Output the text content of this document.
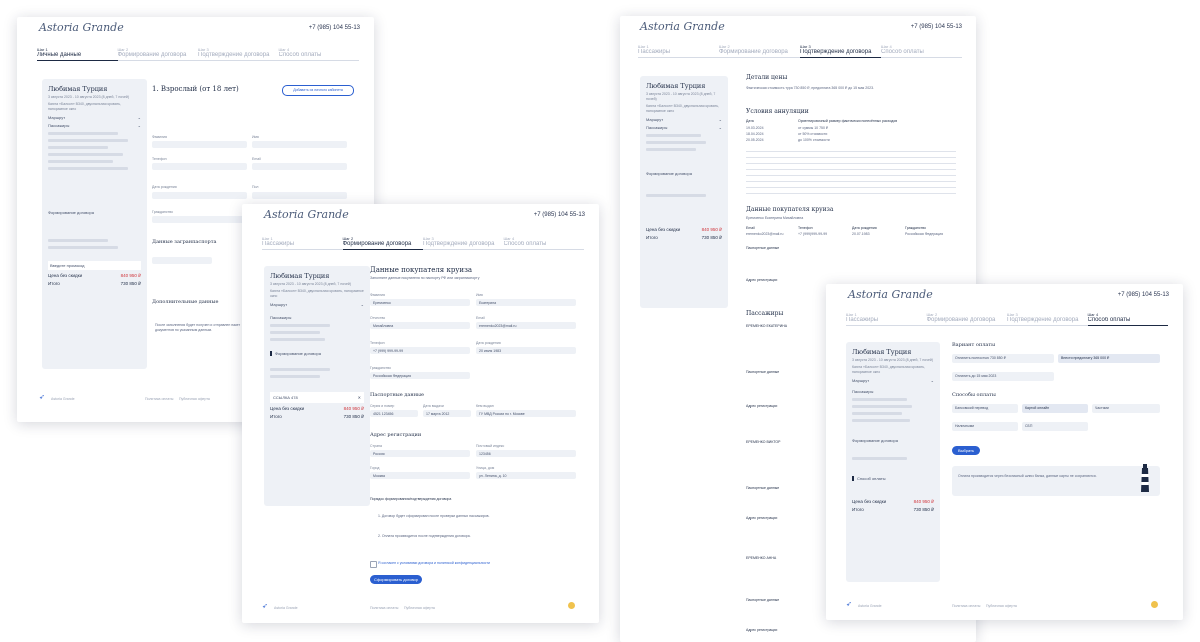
Astoria Grande	+7 (985) 104 55-13
Шаг 1
Личные данные
Шаг 2
Формирование договора
Шаг 3
Подтверждение договора
Шаг 4
Способ оплаты
Любимая Турция
3 августа 2023 - 10 августа 2023 (8 дней, 7 ночей)
Каюта «Балкон» В340, двуспальная кровать, панорамное окно
Маршрут	⌄
Пассажиры	⌄
Формирование договора
Введите промокод
Цена без скидки	840 950 ₽
Итого	730 850 ₽
1. Взрослый (от 18 лет)	Добавить из личного кабинета
Фамилия	Имя
Телефон	Email
Дата рождения	Пол
Гражданство
Данные загранпаспорта
Дополнительные данные
После заполнения будет получен и отправлен пакет документов по указанным данным.
➶ Astoria Grande	Политика оплаты Публичная оферта
Astoria Grande	+7 (985) 104 55-13
Шаг 1
Пассажиры
Шаг 2
Формирование договора
Шаг 3
Подтверждение договора
Шаг 4
Способ оплаты
Любимая Турция
3 августа 2023 - 10 августа 2023 (8 дней, 7 ночей)
Каюта «Балкон» В340, двуспальная кровать, панорамное окно
Маршрут	⌄
Пассажиры	⌄
Формирование договора
Цена без скидки	840 950 ₽
Итого	730 850 ₽
Детали цены
Фактическая стоимость тура 730 850 ₽, предоплата 365 000 ₽ до 15 мая 2023.
Условия аннуляции
Дата	Ориентировочный размер фактически понесённых расходов
19.03.2024	от суммы 10 750 ₽
18.04.2024	от 50% стоимости
20.05.2024	до 100% стоимости
Данные покупателя круиза
Еремченко Екатерина Михайловна
Email	Телефон	Дата рождения	Гражданство
eremenko2023@mail.ru	+7 (999)999-99-99	20.07.1983	Российская Федерация
Паспортные данные
Адрес регистрации
Пассажиры
ЕРЕМЕНКО ЕКАТЕРИНА
Паспортные данные
Адрес регистрации
ЕРЕМЕНКО ВИКТОР
Паспортные данные
Адрес регистрации
ЕРЕМЕНКО АННА
Паспортные данные
Адрес регистрации
Astoria Grande	+7 (985) 104 55-13
Шаг 1
Пассажиры
Шаг 2
Формирование договора
Шаг 3
Подтверждение договора
Шаг 4
Способ оплаты
Любимая Турция
3 августа 2023 - 10 августа 2023 (8 дней, 7 ночей)
Каюта «Балкон» В340, двуспальная кровать, панорамное окно
Маршрут	⌄
Пассажиры
Формирование договора
ССЫЛКА 478	✕
Цена без скидки	840 950 ₽
Итого	730 850 ₽
Данные покупателя круиза
Заполните данные покупателя по паспорту РФ или загранпаспорту
Фамилия
Еремченко
Имя
Екатерина
Отчество
Михайловна
Email
eremenko2023@mail.ru
Телефон
+7 (999) 999-99-99
Дата рождения
20 июля 1983
Гражданство
Российская Федерация
Паспортные данные
Серия и номер
4521 123456
Дата выдачи
17 марта 2012
Кем выдан
ГУ МВД России по г. Москве
Адрес регистрации
Страна
Россия
Почтовый индекс
123456
Город
Москва
Улица, дом
ул. Ленина, д. 10
Порядок формирования/подтверждения договора
1. Договор будет сформирован после проверки данных пассажиров.
2. Оплата производится после подтверждения договора.
Я согласен с условиями договора и политикой конфиденциальности
Сформировать договор
➶ Astoria Grande	Политика оплаты Публичная оферта
Astoria Grande	+7 (985) 104 55-13
Шаг 1
Пассажиры
Шаг 2
Формирование договора
Шаг 3
Подтверждение договора
Шаг 4
Способ оплаты
Любимая Турция
3 августа 2023 - 10 августа 2023 (8 дней, 7 ночей)
Каюта «Балкон» В340, двуспальная кровать, панорамное окно
Маршрут	⌄
Пассажиры
Формирование договора
Способ оплаты
Цена без скидки	840 950 ₽
Итого	730 850 ₽
Вариант оплаты
Оплатить полностью 730 850 ₽	Внести предоплату 365 000 ₽
Оплатить до 15 мая 2023
Способы оплаты
Банковский перевод	Картой онлайн	Частями
Наличными	СБП
Выбрать
Оплата производится через безопасный шлюз банка, данные карты не сохраняются.
➶ Astoria Grande	Политика оплаты Публичная оферта
